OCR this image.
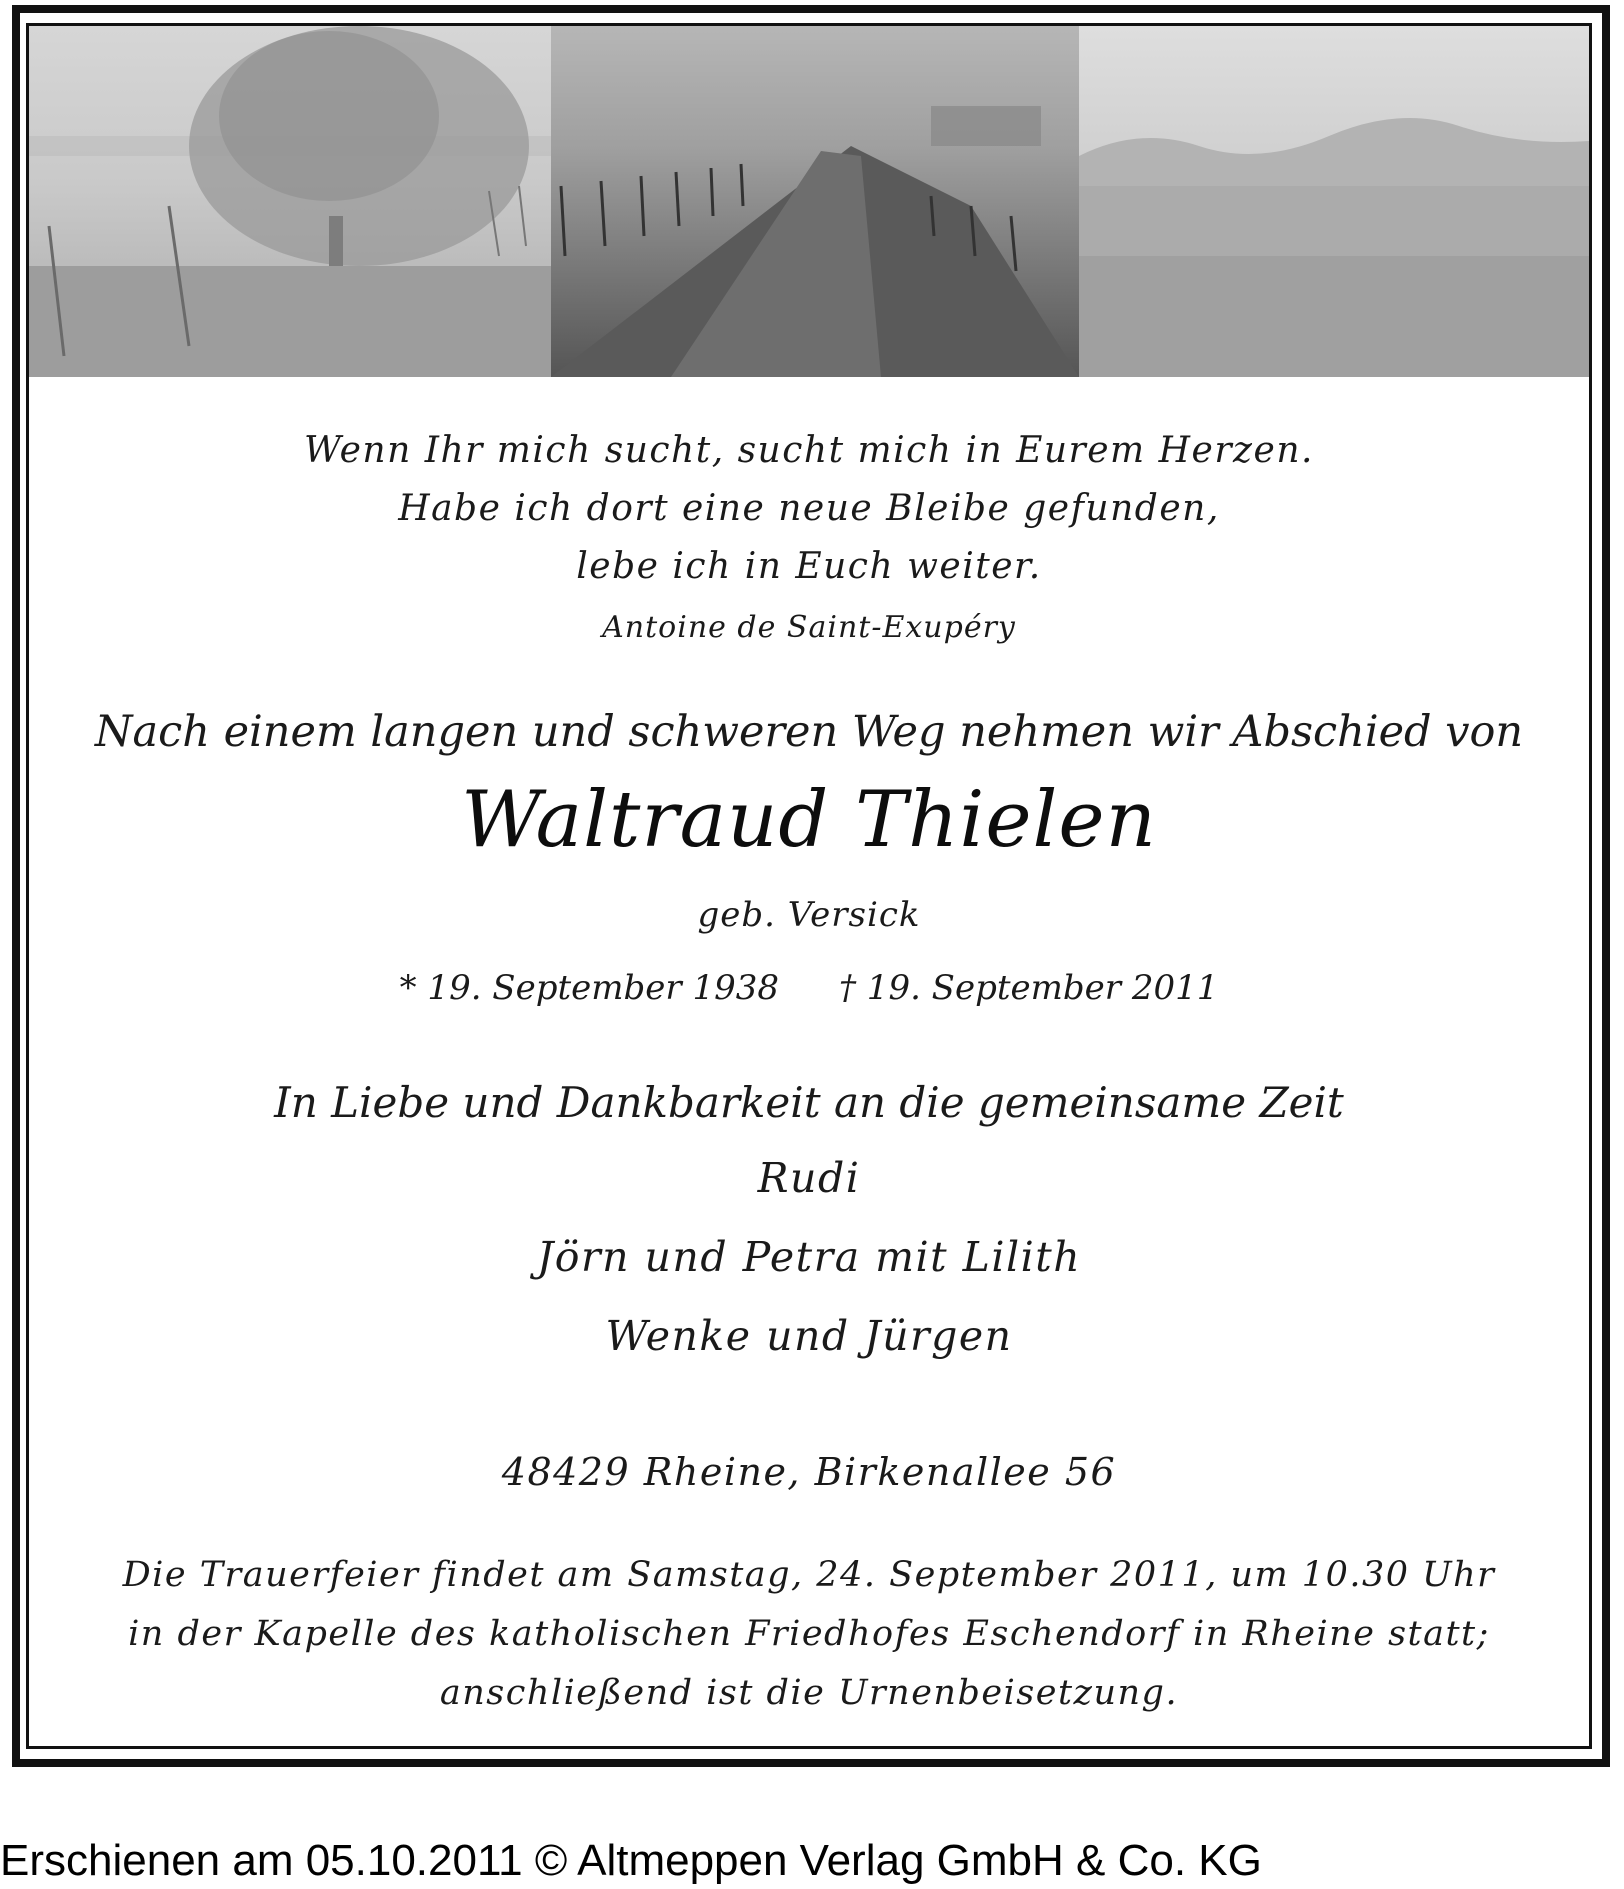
Wenn Ihr mich sucht, sucht mich in Eurem Herzen.
Habe ich dort eine neue Bleibe gefunden,
lebe ich in Euch weiter.
Antoine de Saint-Exupéry
Nach einem langen und schweren Weg nehmen wir Abschied von
Waltraud Thielen
geb. Versick
* 19. September 1938 † 19. September 2011
In Liebe und Dankbarkeit an die gemeinsame Zeit
Rudi
Jörn und Petra mit Lilith
Wenke und Jürgen
48429 Rheine, Birkenallee 56
Die Trauerfeier findet am Samstag, 24. September 2011, um 10.30 Uhr
in der Kapelle des katholischen Friedhofes Eschendorf in Rheine statt;
anschließend ist die Urnenbeisetzung.
Erschienen am 05.10.2011 © Altmeppen Verlag GmbH & Co. KG
